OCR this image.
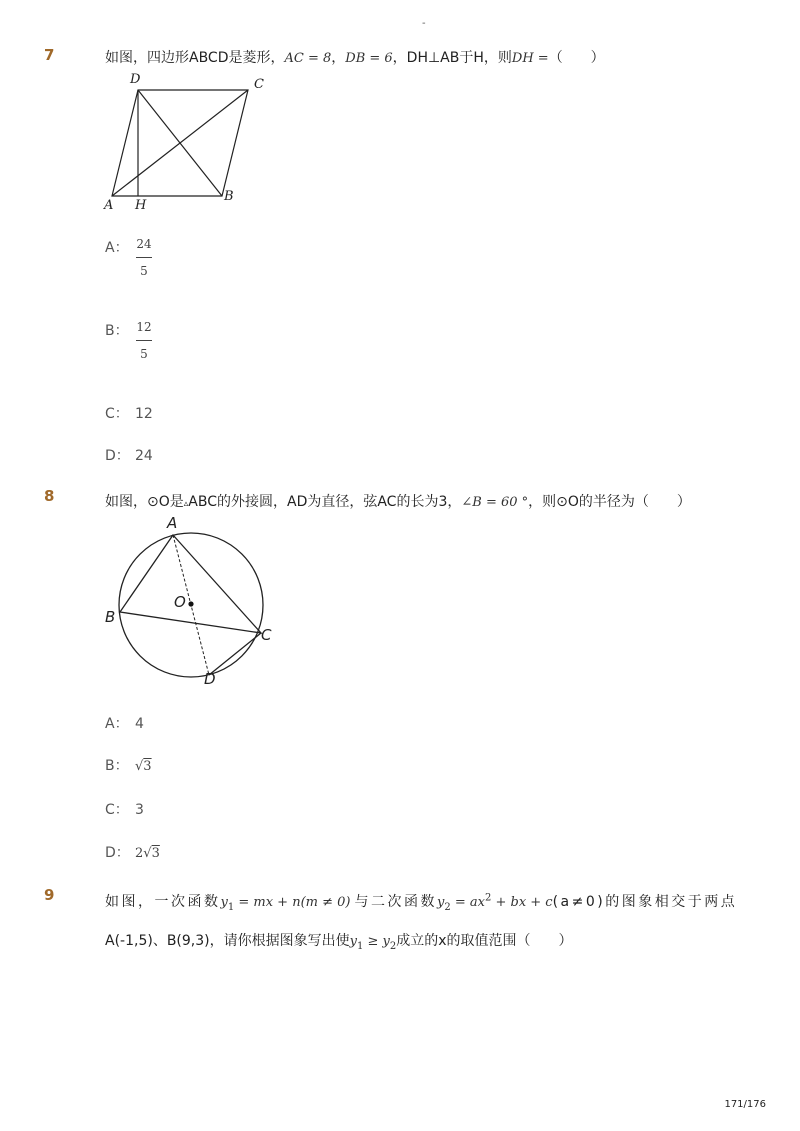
-
7	如图，四边形ABCD是菱形，AC = 8，DB = 6，DH⊥AB于H，则DH =（　　）
D	C
A H
B
A： 24
5
B： 12
5
C： 12
D： 24
8	如图，⊙O是▵ABC的外接圆，AD为直径，弦AC的长为3，∠B = 60 °，则⊙O的半径为（　　）
A
B
O
C
D
A： 4
B： √3
C： 3
D： 2√3
9	如图，一次函数$y_1$ = mx + n(m ≠ 0) 与二次函数$y_2 = ax^2$ + bx + c(a≠0)的图象相交于两点
A(-1,5)、B(9,3)，请你根据图象写出使$y_1 \ge y_2$成立的x的取值范围（　　）
171/176
